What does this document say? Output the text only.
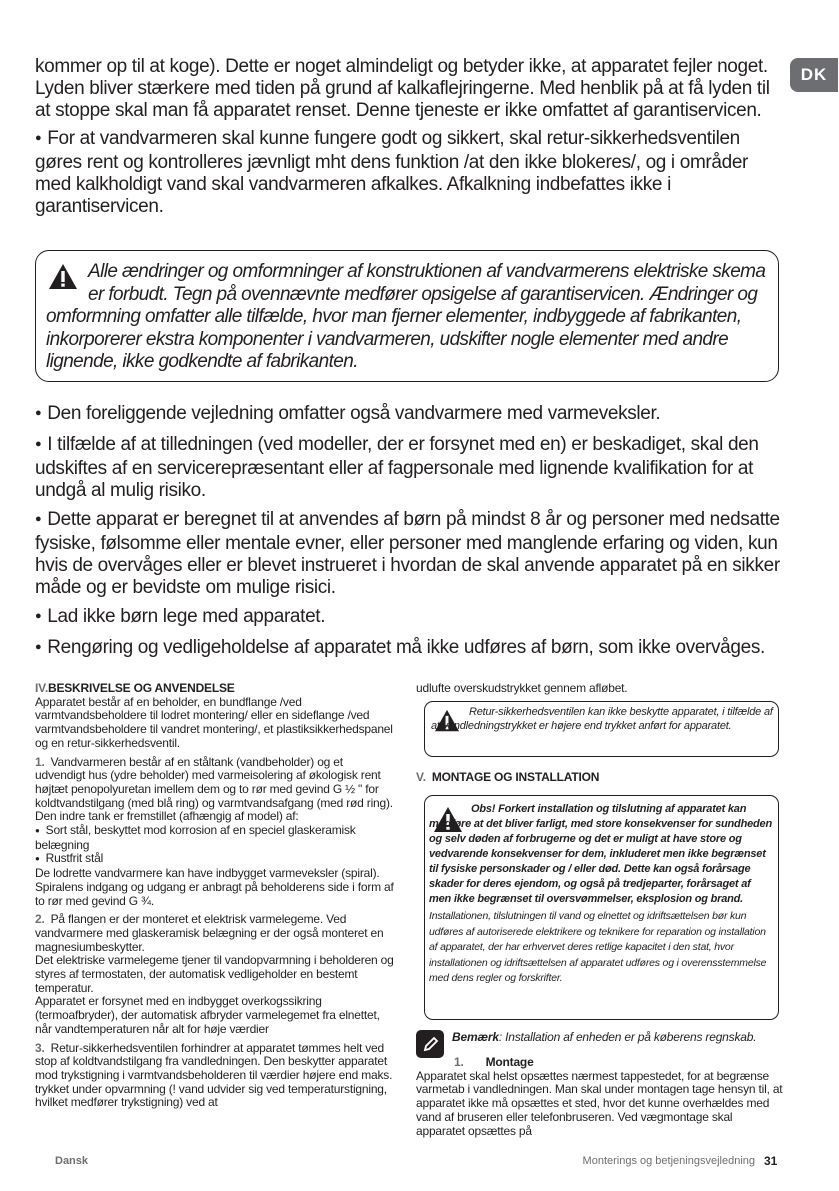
DK

kommer op til at koge). Dette er noget almindeligt og betyder ikke, at apparatet fejler noget. Lyden bliver stærkere med tiden på grund af kalkaflejringerne. Med henblik på at få lyden til at stoppe skal man få apparatet renset. Denne tjeneste er ikke omfattet af garantiservicen.

● For at vandvarmeren skal kunne fungere godt og sikkert, skal retur-sikkerhedsventilen gøres rent og kontrolleres jævnligt mht dens funktion /at den ikke blokeres/, og i områder med kalkholdigt vand skal vandvarmeren afkalkes. Afkalkning indbefattes ikke i garantiservicen.

Alle ændringer og omformninger af konstruktionen af vandvarmerens elektriske skema er forbudt. Tegn på ovennævnte medfører opsigelse af garantiservicen. Ændringer og omformning omfatter alle tilfælde, hvor man fjerner elementer, indbyggede af fabrikanten, inkorporerer ekstra komponenter i vandvarmeren, udskifter nogle elementer med andre lignende, ikke godkendte af fabrikanten.

● Den foreliggende vejledning omfatter også vandvarmere med varmeveksler.

● I tilfælde af at tilledningen (ved modeller, der er forsynet med en) er beskadiget, skal den udskiftes af en servicerepræsentant eller af fagpersonale med lignende kvalifikation for at undgå al mulig risiko.

● Dette apparat er beregnet til at anvendes af børn på mindst 8 år og personer med nedsatte fysiske, følsomme eller mentale evner, eller personer med manglende erfaring og viden, kun hvis de overvåges eller er blevet instrueret i hvordan de skal anvende apparatet på en sikker måde og er bevidste om mulige risici.

● Lad ikke børn lege med apparatet.

● Rengøring og vedligeholdelse af apparatet må ikke udføres af børn, som ikke overvåges.

IV.BESKRIVELSE OG ANVENDELSE

Apparatet består af en beholder, en bundflange /ved varmtvandsbeholdere til lodret montering/ eller en sideflange /ved varmtvandsbeholdere til vandret montering/, et plastiksikkerhedspanel og en retur-sikkerhedsventil.

1. Vandvarmeren består af en ståltank (vandbeholder) og et udvendigt hus (ydre beholder) med varmeisolering af økologisk rent højtæt penopolyuretan imellem dem og to rør med gevind G ½ " for koldtvandstilgang (med blå ring) og varmtvandsafgang (med rød ring).

Den indre tank er fremstillet (afhængig af model) af:

● Sort stål, beskyttet mod korrosion af en speciel glaskeramisk belægning

● Rustfrit stål

De lodrette vandvarmere kan have indbygget varmeveksler (spiral). Spiralens indgang og udgang er anbragt på beholderens side i form af to rør med gevind G ¾.

2. På flangen er der monteret et elektrisk varmelegeme. Ved vandvarmere med glaskeramisk belægning er der også monteret en magnesiumbeskytter.

Det elektriske varmelegeme tjener til vandopvarmning i beholderen og styres af termostaten, der automatisk vedligeholder en bestemt temperatur.

Apparatet er forsynet med en indbygget overkogssikring (termoafbryder), der automatisk afbryder varmelegemet fra elnettet, når vandtemperaturen når alt for høje værdier

3. Retur-sikkerhedsventilen forhindrer at apparatet tømmes helt ved stop af koldtvandstilgang fra vandledningen. Den beskytter apparatet mod trykstigning i varmtvandsbeholderen til værdier højere end maks. trykket under opvarmning (! vand udvider sig ved temperaturstigning, hvilket medfører trykstigning) ved at

udlufte overskudstrykket gennem afløbet.

Retur-sikkerhedsventilen kan ikke beskytte apparatet, i tilfælde af at vandledningstrykket er højere end trykket anført for apparatet.

V. MONTAGE OG INSTALLATION

Obs! Forkert installation og tilslutning af apparatet kan medføre at det bliver farligt, med store konsekvenser for sundheden og selv døden af forbrugerne og det er muligt at have store og vedvarende konsekvenser for dem, inkluderet men ikke begrænset til fysiske personskader og / eller død. Dette kan også forårsage skader for deres ejendom, og også på tredjeparter, forårsaget af men ikke begrænset til oversvømmelser, eksplosion og brand.
Installationen, tilslutningen til vand og elnettet og idriftsættelsen bør kun udføres af autoriserede elektrikere og teknikere for reparation og installation af apparatet, der har erhvervet deres retlige kapacitet i den stat, hvor installationen og idriftsættelsen af apparatet udføres og i overensstemmelse med dens regler og forskrifter.
Bemærk: Installation af enheden er på køberens regnskab.

1. Montage

Apparatet skal helst opsættes nærmest tappestedet, for at begrænse varmetab i vandledningen. Man skal under montagen tage hensyn til, at apparatet ikke må opsættes et sted, hvor det kunne overhældes med vand af bruseren eller telefonbruseren. Ved vægmontage skal apparatet opsættes på

Dansk	Monterings og betjeningsvejledning 31
